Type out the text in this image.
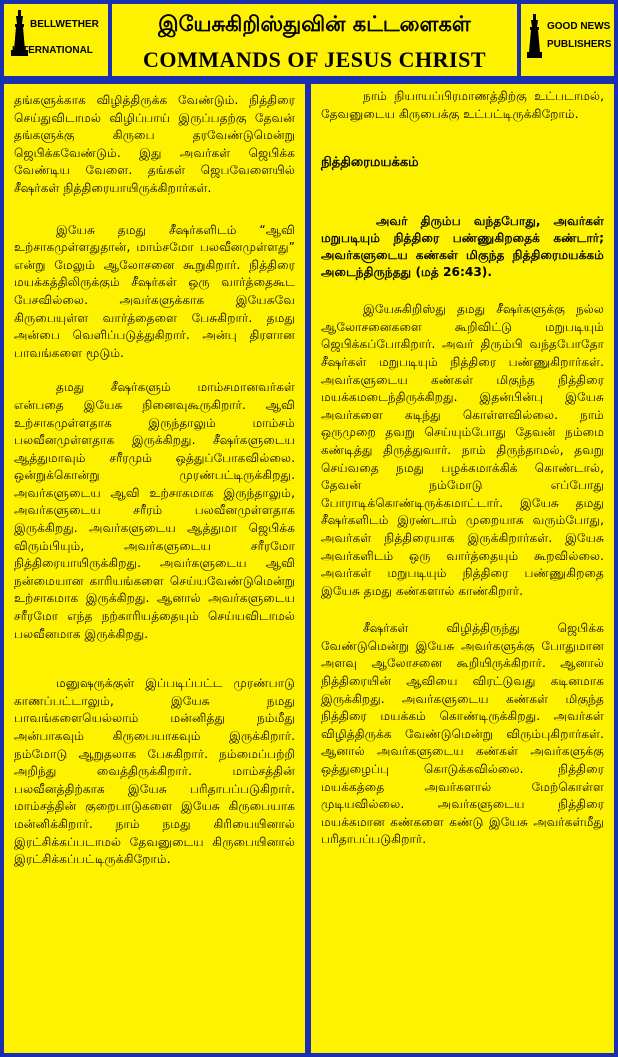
BELLWETHER
INTERNATIONAL
இயேசுகிறிஸ்துவின் கட்டளைகள்
COMMANDS OF JESUS CHRIST
GOOD NEWS
PUBLISHERS

தங்களுக்காக விழித்திருக்க வேண்டும். நித்திரை செய்துவிடாமல் விழிப்பாய் இருப்பதற்கு தேவன் தங்களுக்கு கிருபை தரவேண்டுமென்று ஜெபிக்கவேண்டும். இது அவர்கள் ஜெபிக்க வேண்டிய வேளை. தங்கள் ஜெபவேளையில் சீஷர்கள் நித்திரையாயிருக்கிறார்கள்.

இயேசு தமது சீஷர்களிடம் “ஆவி உற்சாகமுள்ளதுதான், மாம்சமோ பலவீனமுள்ளது” என்று மேலும் ஆலோசனை கூறுகிறார். நித்திரை மயக்கத்திலிருக்கும் சீஷர்கள் ஒரு வார்த்தைகூட பேசவில்லை. அவர்களுக்காக இயேசுவே கிருபையுள்ள வார்த்தைளை பேசுகிறார். தமது அன்பை வெளிப்படுத்துகிறார். அன்பு திரளான பாவங்களை மூடும்.

தமது சீஷர்களும் மாம்சமானவர்கள் என்பதை இயேசு நினைவுகூருகிறார். ஆவி உற்சாகமுள்ளதாக இருந்தாலும் மாம்சம் பலவீனமுள்ளதாக இருக்கிறது. சீஷர்களுடைய ஆத்துமாவும் சரீரமும் ஒத்துப்போகவில்லை. ஒன்றுக்கொன்று முரண்பட்டிருக்கிறது. அவர்களுடைய ஆவி உற்சாகமாக இருந்தாலும், அவர்களுடைய சரீரம் பலவீனமுள்ளதாக இருக்கிறது. அவர்களுடைய ஆத்துமா ஜெபிக்க விரும்பியும், அவர்களுடைய சரீரமோ நித்திரையாயிருக்கிறது. அவர்களுடைய ஆவி நன்மையான காரியங்களை செய்யவேண்டுமென்று உற்சாகமாக இருக்கிறது. ஆனால் அவர்களுடைய சரீரமோ எந்த நற்காரியத்தையும் செய்யவிடாமல் பலவீனமாக இருக்கிறது.

மனுஷருக்குள் இப்படிப்பட்ட முரண்பாடு காணப்பட்டாலும், இயேசு நமது பாவங்களையெல்லாம் மன்னித்து நம்மீது அன்பாகவும் கிருபையாகவும் இருக்கிறார். நம்மோடு ஆறுதலாக பேசுகிறார். நம்மைப்பற்றி அறிந்து வைத்திருக்கிறார். மாம்சத்தின் பலவீனத்திற்காக இயேசு பரிதாபப்படுகிறார். மாம்சத்தின் குறைபாடுகளை இயேசு கிருபையாக மன்னிக்கிறார். நாம் நமது கிரியையினால் இரட்சிக்கப்படாமல் தேவனுடைய கிருபையினால் இரட்சிக்கப்பட்டிருக்கிறோம்.

நாம் நியாயப்பிரமாணத்திற்கு உட்படாமல், தேவனுடைய கிருபைக்கு உட்பட்டிருக்கிறோம்.

நித்திரைமயக்கம்

அவர் திரும்ப வந்தபோது, அவர்கள் மறுபடியும் நித்திரை பண்ணுகிறதைக் கண்டார்; அவர்களுடைய கண்கள் மிகுந்த நித்திரைமயக்கம் அடைந்திருந்தது (மத் 26:43).

இயேசுகிறிஸ்து தமது சீஷர்களுக்கு நல்ல ஆலோசனைகளை கூறிவிட்டு மறுபடியும் ஜெபிக்கப்போகிறார். அவர் திரும்பி வந்தபோதோ சீஷர்கள் மறுபடியும் நித்திரை பண்ணுகிறார்கள். அவர்களுடைய கண்கள் மிகுந்த நித்திரை மயக்கமடைந்திருக்கிறது. இதன்பின்பு இயேசு அவர்களை கடிந்து கொள்ளவில்லை. நாம் ஒருமுறை தவறு செய்யும்போது தேவன் நம்மை கண்டித்து திருத்துவார். நாம் திருந்தாமல், தவறு செய்வதை நமது பழக்கமாக்கிக் கொண்டால், தேவன் நம்மோடு எப்போது போராடிக்கொண்டிருக்கமாட்டார். இயேசு தமது சீஷர்களிடம் இரண்டாம் முறையாக வரும்போது, அவர்கள் நித்திரையாக இருக்கிறார்கள். இயேசு அவர்களிடம் ஒரு வார்த்தையும் கூறவில்லை. அவர்கள் மறுபடியும் நித்திரை பண்ணுகிறதை இயேசு தமது கண்களால் காண்கிறார்.

சீஷர்கள் விழித்திருந்து ஜெபிக்க வேண்டுமென்று இயேசு அவர்களுக்கு போதுமான அளவு ஆலோசனை கூறியிருக்கிறார். ஆனால் நித்திரையின் ஆவியை விரட்டுவது கடினமாக இருக்கிறது. அவர்களுடைய கண்கள் மிகுந்த நித்திரை மயக்கம் கொண்டிருக்கிறது. அவர்கள் விழித்திருக்க வேண்டுமென்று விரும்புகிறார்கள். ஆனால் அவர்களுடைய கண்கள் அவர்களுக்கு ஒத்துழைப்பு கொடுக்கவில்லை. நித்திரை மயக்கத்தை அவர்களால் மேற்கொள்ள முடியவில்லை. அவர்களுடைய நித்திரை மயக்கமான கண்களை கண்டு இயேசு அவர்கள்மீது பரிதாபப்படுகிறார்.
